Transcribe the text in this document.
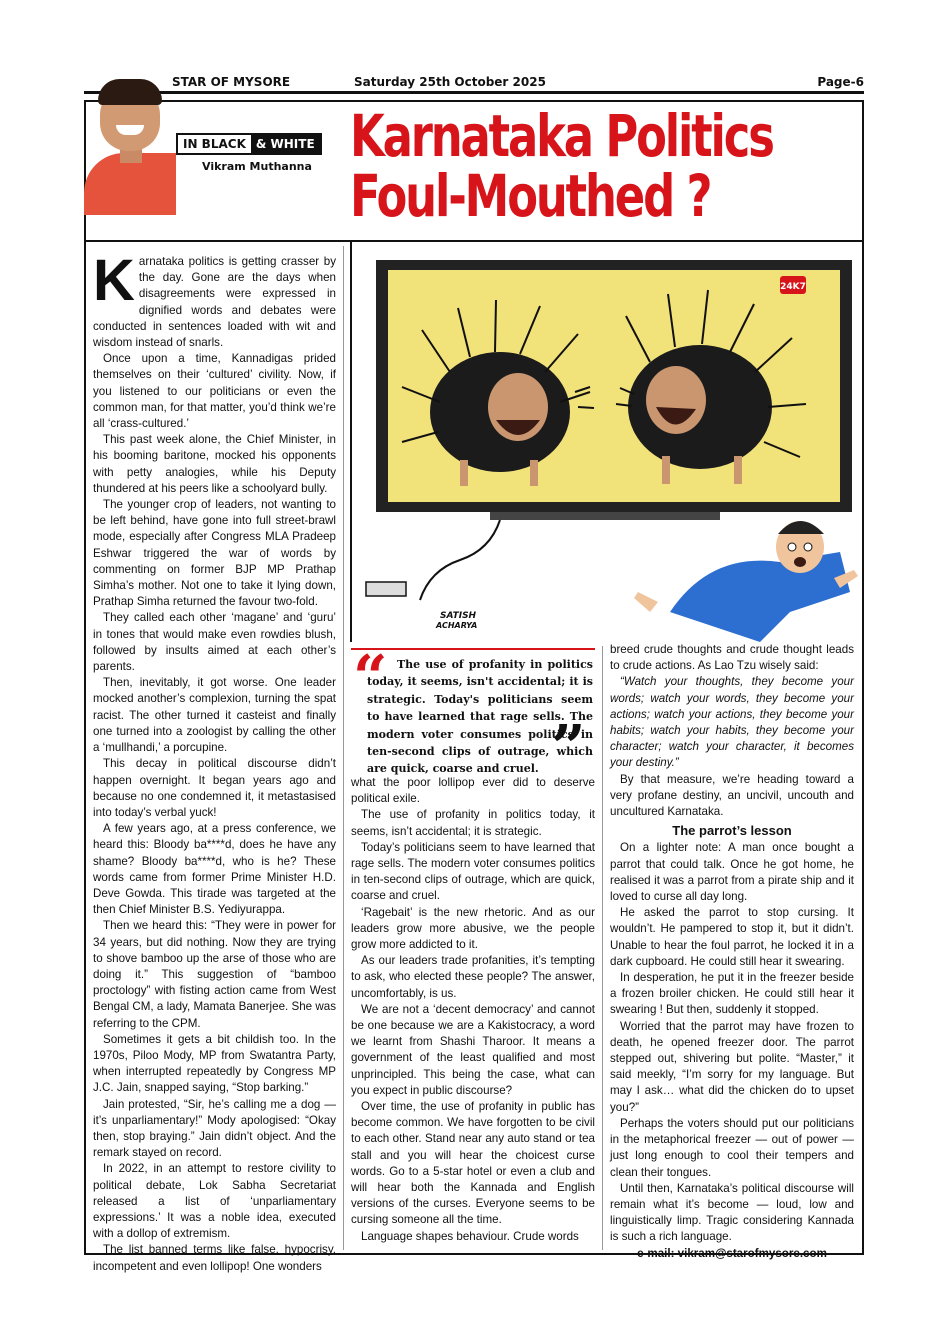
STAR OF MYSORE	Saturday 25th October 2025	Page-6
IN BLACK & WHITE
Vikram Muthanna Karnataka Politics
Foul-Mouthed ?
24K7
SATISH
ACHARYA

Karnataka politics is getting crasser by the day. Gone are the days when disagreements were expressed in dignified words and debates were conducted in sentences loaded with wit and wisdom instead of snarls.

Once upon a time, Kannadigas prided themselves on their ‘cultured’ civility. Now, if you listened to our politicians or even the common man, for that matter, you’d think we’re all ‘crass-cultured.’

This past week alone, the Chief Minister, in his booming baritone, mocked his opponents with petty analogies, while his Deputy thundered at his peers like a schoolyard bully.

The younger crop of leaders, not wanting to be left behind, have gone into full street-brawl mode, especially after Congress MLA Pradeep Eshwar triggered the war of words by commenting on former BJP MP Prathap Simha’s mother. Not one to take it lying down, Prathap Simha returned the favour two-fold.

They called each other ‘magane’ and ‘guru’ in tones that would make even rowdies blush, followed by insults aimed at each other’s parents.

Then, inevitably, it got worse. One leader mocked another’s complexion, turning the spat racist. The other turned it casteist and finally one turned into a zoologist by calling the other a ‘mullhandi,’ a porcupine.

This decay in political discourse didn’t happen overnight. It began years ago and because no one condemned it, it metastasised into today’s verbal yuck!

A few years ago, at a press conference, we heard this: Bloody ba****d, does he have any shame? Bloody ba****d, who is he? These words came from former Prime Minister H.D. Deve Gowda. This tirade was targeted at the then Chief Minister B.S. Yediyurappa.

Then we heard this: “They were in power for 34 years, but did nothing. Now they are trying to shove bamboo up the arse of those who are doing it.” This suggestion of “bamboo proctology” with fisting action came from West Bengal CM, a lady, Mamata Banerjee. She was referring to the CPM.

Sometimes it gets a bit childish too. In the 1970s, Piloo Mody, MP from Swatantra Party, when interrupted repeatedly by Congress MP J.C. Jain, snapped saying, “Stop barking.”

Jain protested, “Sir, he’s calling me a dog — it’s unparliamentary!” Mody apologised: “Okay then, stop braying.” Jain didn’t object. And the remark stayed on record.

In 2022, in an attempt to restore civility to political debate, Lok Sabha Secretariat released a list of ‘unparliamentary expressions.’ It was a noble idea, executed with a dollop of extremism.

The list banned terms like false, hypocrisy, incompetent and even lollipop! One wonders

“ The use of profanity in politics today, it seems, isn't accidental; it is strategic. Today's politicians seem to have learned that rage sells. The modern voter consumes politics in ten-second clips of outrage, which are quick, coarse and cruel. ”

what the poor lollipop ever did to deserve political exile.

The use of profanity in politics today, it seems, isn’t accidental; it is strategic.

Today’s politicians seem to have learned that rage sells. The modern voter consumes politics in ten-second clips of outrage, which are quick, coarse and cruel.

‘Ragebait’ is the new rhetoric. And as our leaders grow more abusive, we the people grow more addicted to it.

As our leaders trade profanities, it’s tempting to ask, who elected these people? The answer, uncomfortably, is us.

We are not a ‘decent democracy’ and cannot be one because we are a Kakistocracy, a word we learnt from Shashi Tharoor. It means a government of the least qualified and most unprincipled. This being the case, what can you expect in public discourse?

Over time, the use of profanity in public has become common. We have forgotten to be civil to each other. Stand near any auto stand or tea stall and you will hear the choicest curse words. Go to a 5-star hotel or even a club and will hear both the Kannada and English versions of the curses. Everyone seems to be cursing someone all the time.

Language shapes behaviour. Crude words

breed crude thoughts and crude thought leads to crude actions. As Lao Tzu wisely said:

“Watch your thoughts, they become your words; watch your words, they become your actions; watch your actions, they become your habits; watch your habits, they become your character; watch your character, it becomes your destiny.”

By that measure, we’re heading toward a very profane destiny, an uncivil, uncouth and uncultured Karnataka.

The parrot’s lesson

On a lighter note: A man once bought a parrot that could talk. Once he got home, he realised it was a parrot from a pirate ship and it loved to curse all day long.

He asked the parrot to stop cursing. It wouldn’t. He pampered to stop it, but it didn’t. Unable to hear the foul parrot, he locked it in a dark cupboard. He could still hear it swearing.

In desperation, he put it in the freezer beside a frozen broiler chicken. He could still hear it swearing ! But then, suddenly it stopped.

Worried that the parrot may have frozen to death, he opened freezer door. The parrot stepped out, shivering but polite. “Master,” it said meekly, “I’m sorry for my language. But may I ask… what did the chicken do to upset you?”

Perhaps the voters should put our politicians in the metaphorical freezer — out of power — just long enough to cool their tempers and clean their tongues.

Until then, Karnataka’s political discourse will remain what it’s become — loud, low and linguistically limp. Tragic considering Kannada is such a rich language.

e-mail: vikram@starofmysore.com
